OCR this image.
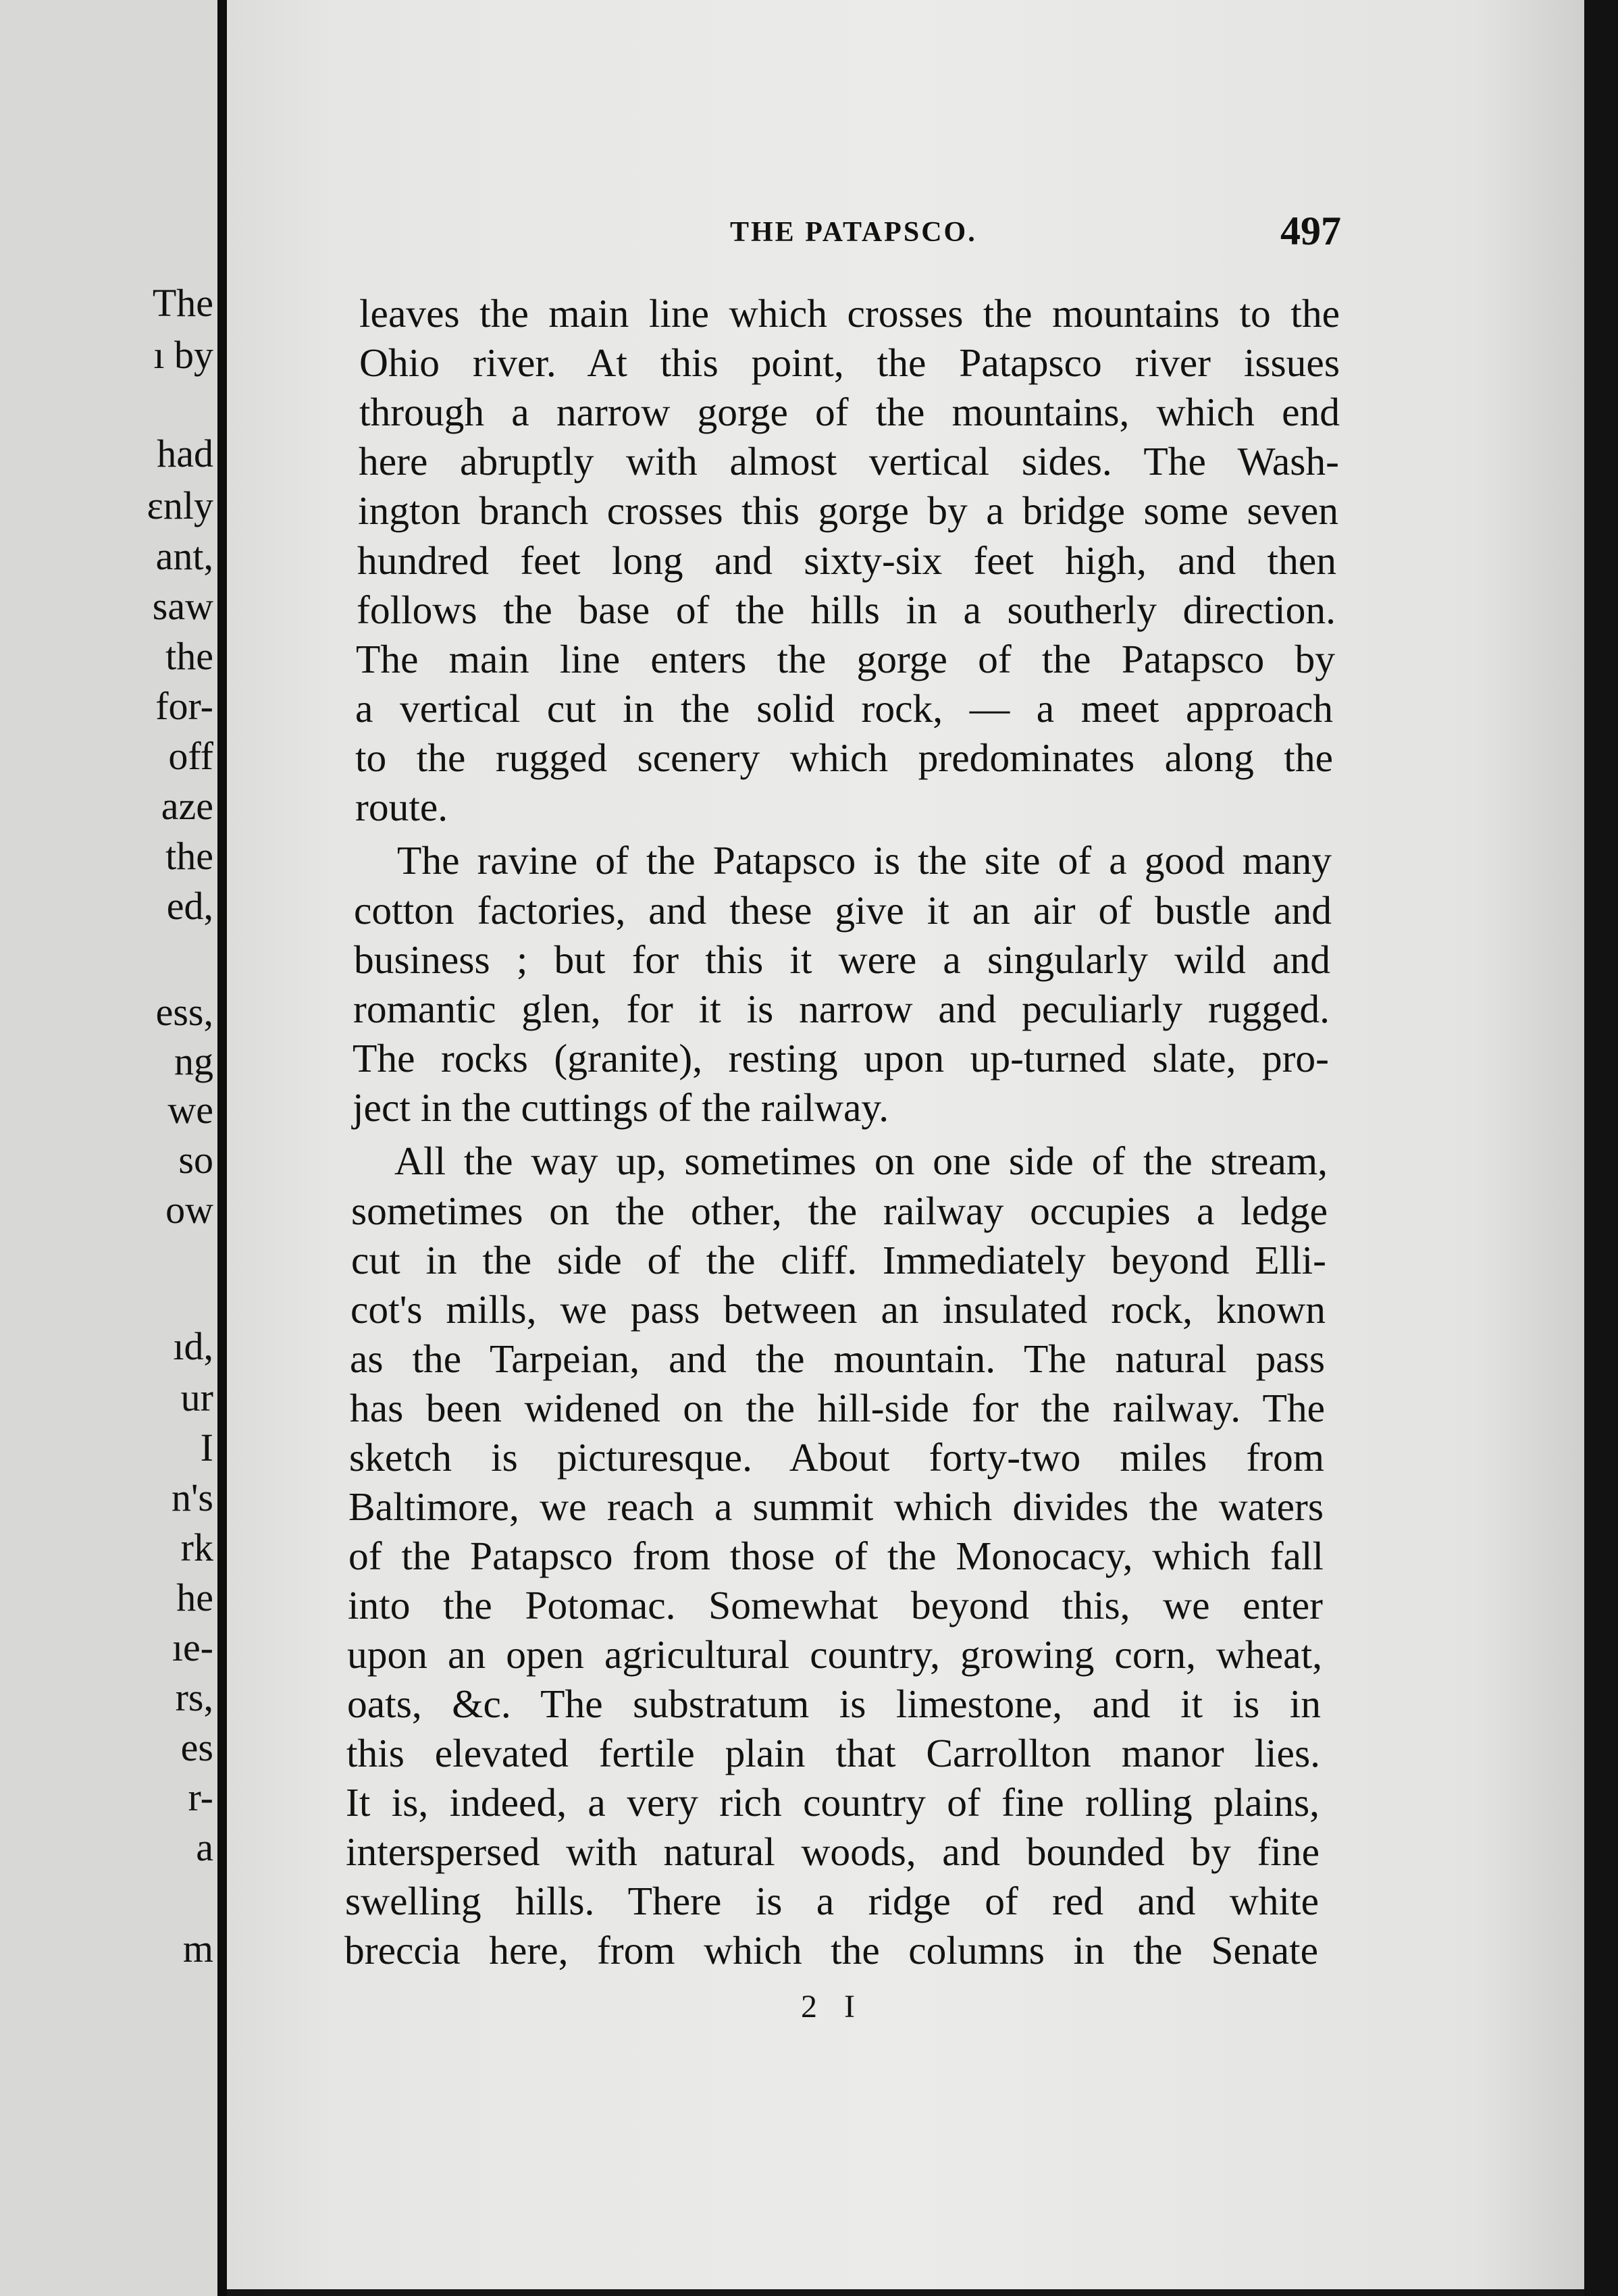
The
ı by
had
ɛnly
ant,
saw
the
for-
off
aze
the
ed,
ess,
ng
we
so
ow
ıd,
ur
I
n's
rk
he
ıe-
rs,
es
r-
a
m
THE PATAPSCO.	497
leaves the main line which crosses the mountains to the
Ohio river. At this point, the Patapsco river issues
through a narrow gorge of the mountains, which end
here abruptly with almost vertical sides. The Wash-
ington branch crosses this gorge by a bridge some seven
hundred feet long and sixty-six feet high, and then
follows the base of the hills in a southerly direction.
The main line enters the gorge of the Patapsco by
a vertical cut in the solid rock, — a meet approach
to the rugged scenery which predominates along the
route.
The ravine of the Patapsco is the site of a good many
cotton factories, and these give it an air of bustle and
business ; but for this it were a singularly wild and
romantic glen, for it is narrow and peculiarly rugged.
The rocks (granite), resting upon up-turned slate, pro-
ject in the cuttings of the railway.
All the way up, sometimes on one side of the stream,
sometimes on the other, the railway occupies a ledge
cut in the side of the cliff. Immediately beyond Elli-
cot's mills, we pass between an insulated rock, known
as the Tarpeian, and the mountain. The natural pass
has been widened on the hill-side for the railway. The
sketch is picturesque. About forty-two miles from
Baltimore, we reach a summit which divides the waters
of the Patapsco from those of the Monocacy, which fall
into the Potomac. Somewhat beyond this, we enter
upon an open agricultural country, growing corn, wheat,
oats, &c. The substratum is limestone, and it is in
this elevated fertile plain that Carrollton manor lies.
It is, indeed, a very rich country of fine rolling plains,
interspersed with natural woods, and bounded by fine
swelling hills. There is a ridge of red and white
breccia here, from which the columns in the Senate
2 I
